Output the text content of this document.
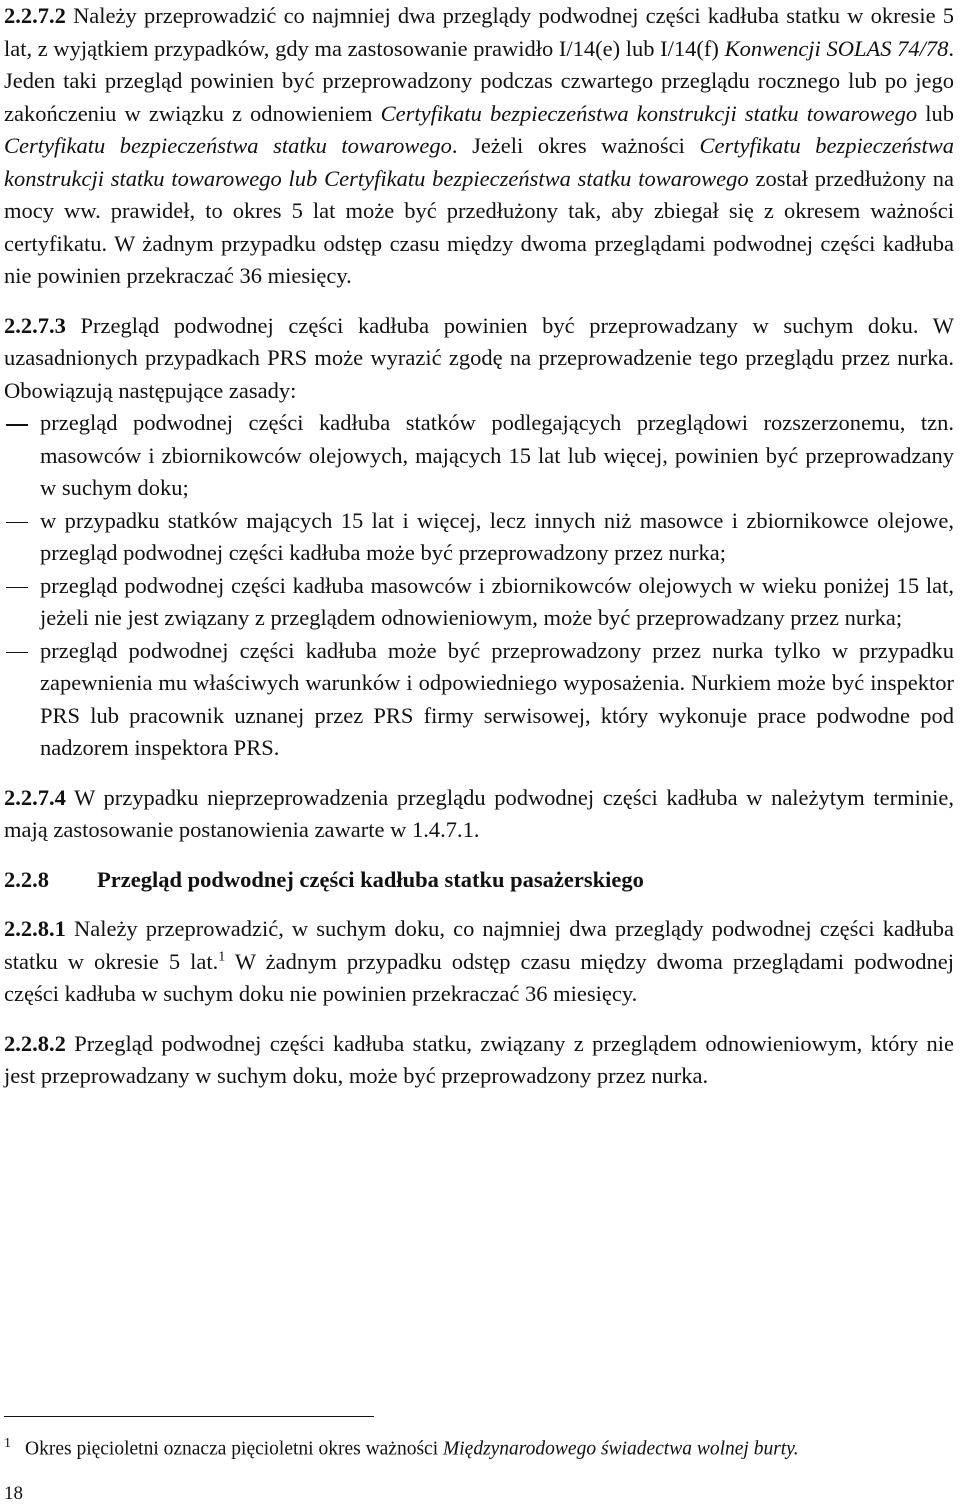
2.2.7.2 Należy przeprowadzić co najmniej dwa przeglądy podwodnej części kadłuba statku w okresie 5 lat, z wyjątkiem przypadków, gdy ma zastosowanie prawidło I/14(e) lub I/14(f) Konwencji SOLAS 74/78. Jeden taki przegląd powinien być przeprowadzony podczas czwartego przeglądu rocznego lub po jego zakończeniu w związku z odnowieniem Certyfikatu bezpieczeństwa konstrukcji statku towarowego lub Certyfikatu bezpieczeństwa statku towarowego. Jeżeli okres ważności Certyfikatu bezpieczeństwa konstrukcji statku towarowego lub Certyfikatu bezpieczeństwa statku towarowego został przedłużony na mocy ww. prawideł, to okres 5 lat może być przedłużony tak, aby zbiegał się z okresem ważności certyfikatu. W żadnym przypadku odstęp czasu między dwoma przeglądami podwodnej części kadłuba nie powinien przekraczać 36 miesięcy.

2.2.7.3 Przegląd podwodnej części kadłuba powinien być przeprowadzany w suchym doku. W uzasadnionych przypadkach PRS może wyrazić zgodę na przeprowadzenie tego przeglądu przez nurka. Obowiązują następujące zasady:

przegląd podwodnej części kadłuba statków podlegających przeglądowi rozszerzonemu, tzn. masowców i zbiornikowców olejowych, mających 15 lat lub więcej, powinien być przeprowadzany w suchym doku;
w przypadku statków mających 15 lat i więcej, lecz innych niż masowce i zbiornikowce olejowe, przegląd podwodnej części kadłuba może być przeprowadzony przez nurka;
przegląd podwodnej części kadłuba masowców i zbiornikowców olejowych w wieku poniżej 15 lat, jeżeli nie jest związany z przeglądem odnowieniowym, może być przeprowadzany przez nurka;
przegląd podwodnej części kadłuba może być przeprowadzony przez nurka tylko w przypadku zapewnienia mu właściwych warunków i odpowiedniego wyposażenia. Nurkiem może być inspektor PRS lub pracownik uznanej przez PRS firmy serwisowej, który wykonuje prace podwodne pod nadzorem inspektora PRS.

2.2.7.4 W przypadku nieprzeprowadzenia przeglądu podwodnej części kadłuba w należytym terminie, mają zastosowanie postanowienia zawarte w 1.4.7.1.

2.2.8 Przegląd podwodnej części kadłuba statku pasażerskiego

2.2.8.1 Należy przeprowadzić, w suchym doku, co najmniej dwa przeglądy podwodnej części kadłuba statku w okresie 5 lat.$^1$ W żadnym przypadku odstęp czasu między dwoma przeglądami podwodnej części kadłuba w suchym doku nie powinien przekraczać 36 miesięcy.

2.2.8.2 Przegląd podwodnej części kadłuba statku, związany z przeglądem odnowieniowym, który nie jest przeprowadzany w suchym doku, może być przeprowadzony przez nurka.

$^1$ Okres pięcioletni oznacza pięcioletni okres ważności Międzynarodowego świadectwa wolnej burty.
18
